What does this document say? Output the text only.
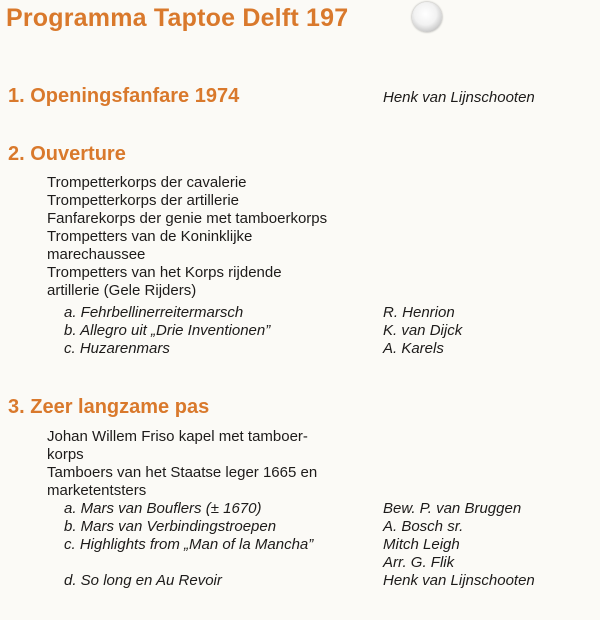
Programma Taptoe Delft 197
1. Openingsfanfare 1974	Henk van Lijnschooten
2. Ouverture
Trompetterkorps der cavalerie
Trompetterkorps der artillerie
Fanfarekorps der genie met tamboerkorps
Trompetters van de Koninklijke
marechaussee
Trompetters van het Korps rijdende
artillerie (Gele Rijders)
a. Fehrbellinerreitermarsch	R. Henrion
b. Allegro uit „Drie Inventionen”	K. van Dijck
c. Huzarenmars	A. Karels
3. Zeer langzame pas
Johan Willem Friso kapel met tamboer-
korps
Tamboers van het Staatse leger 1665 en
marketentsters
a. Mars van Bouflers (± 1670)	Bew. P. van Bruggen
b. Mars van Verbindingstroepen	A. Bosch sr.
c. Highlights from „Man of la Mancha”	Mitch Leigh
Arr. G. Flik
d. So long en Au Revoir	Henk van Lijnschooten
